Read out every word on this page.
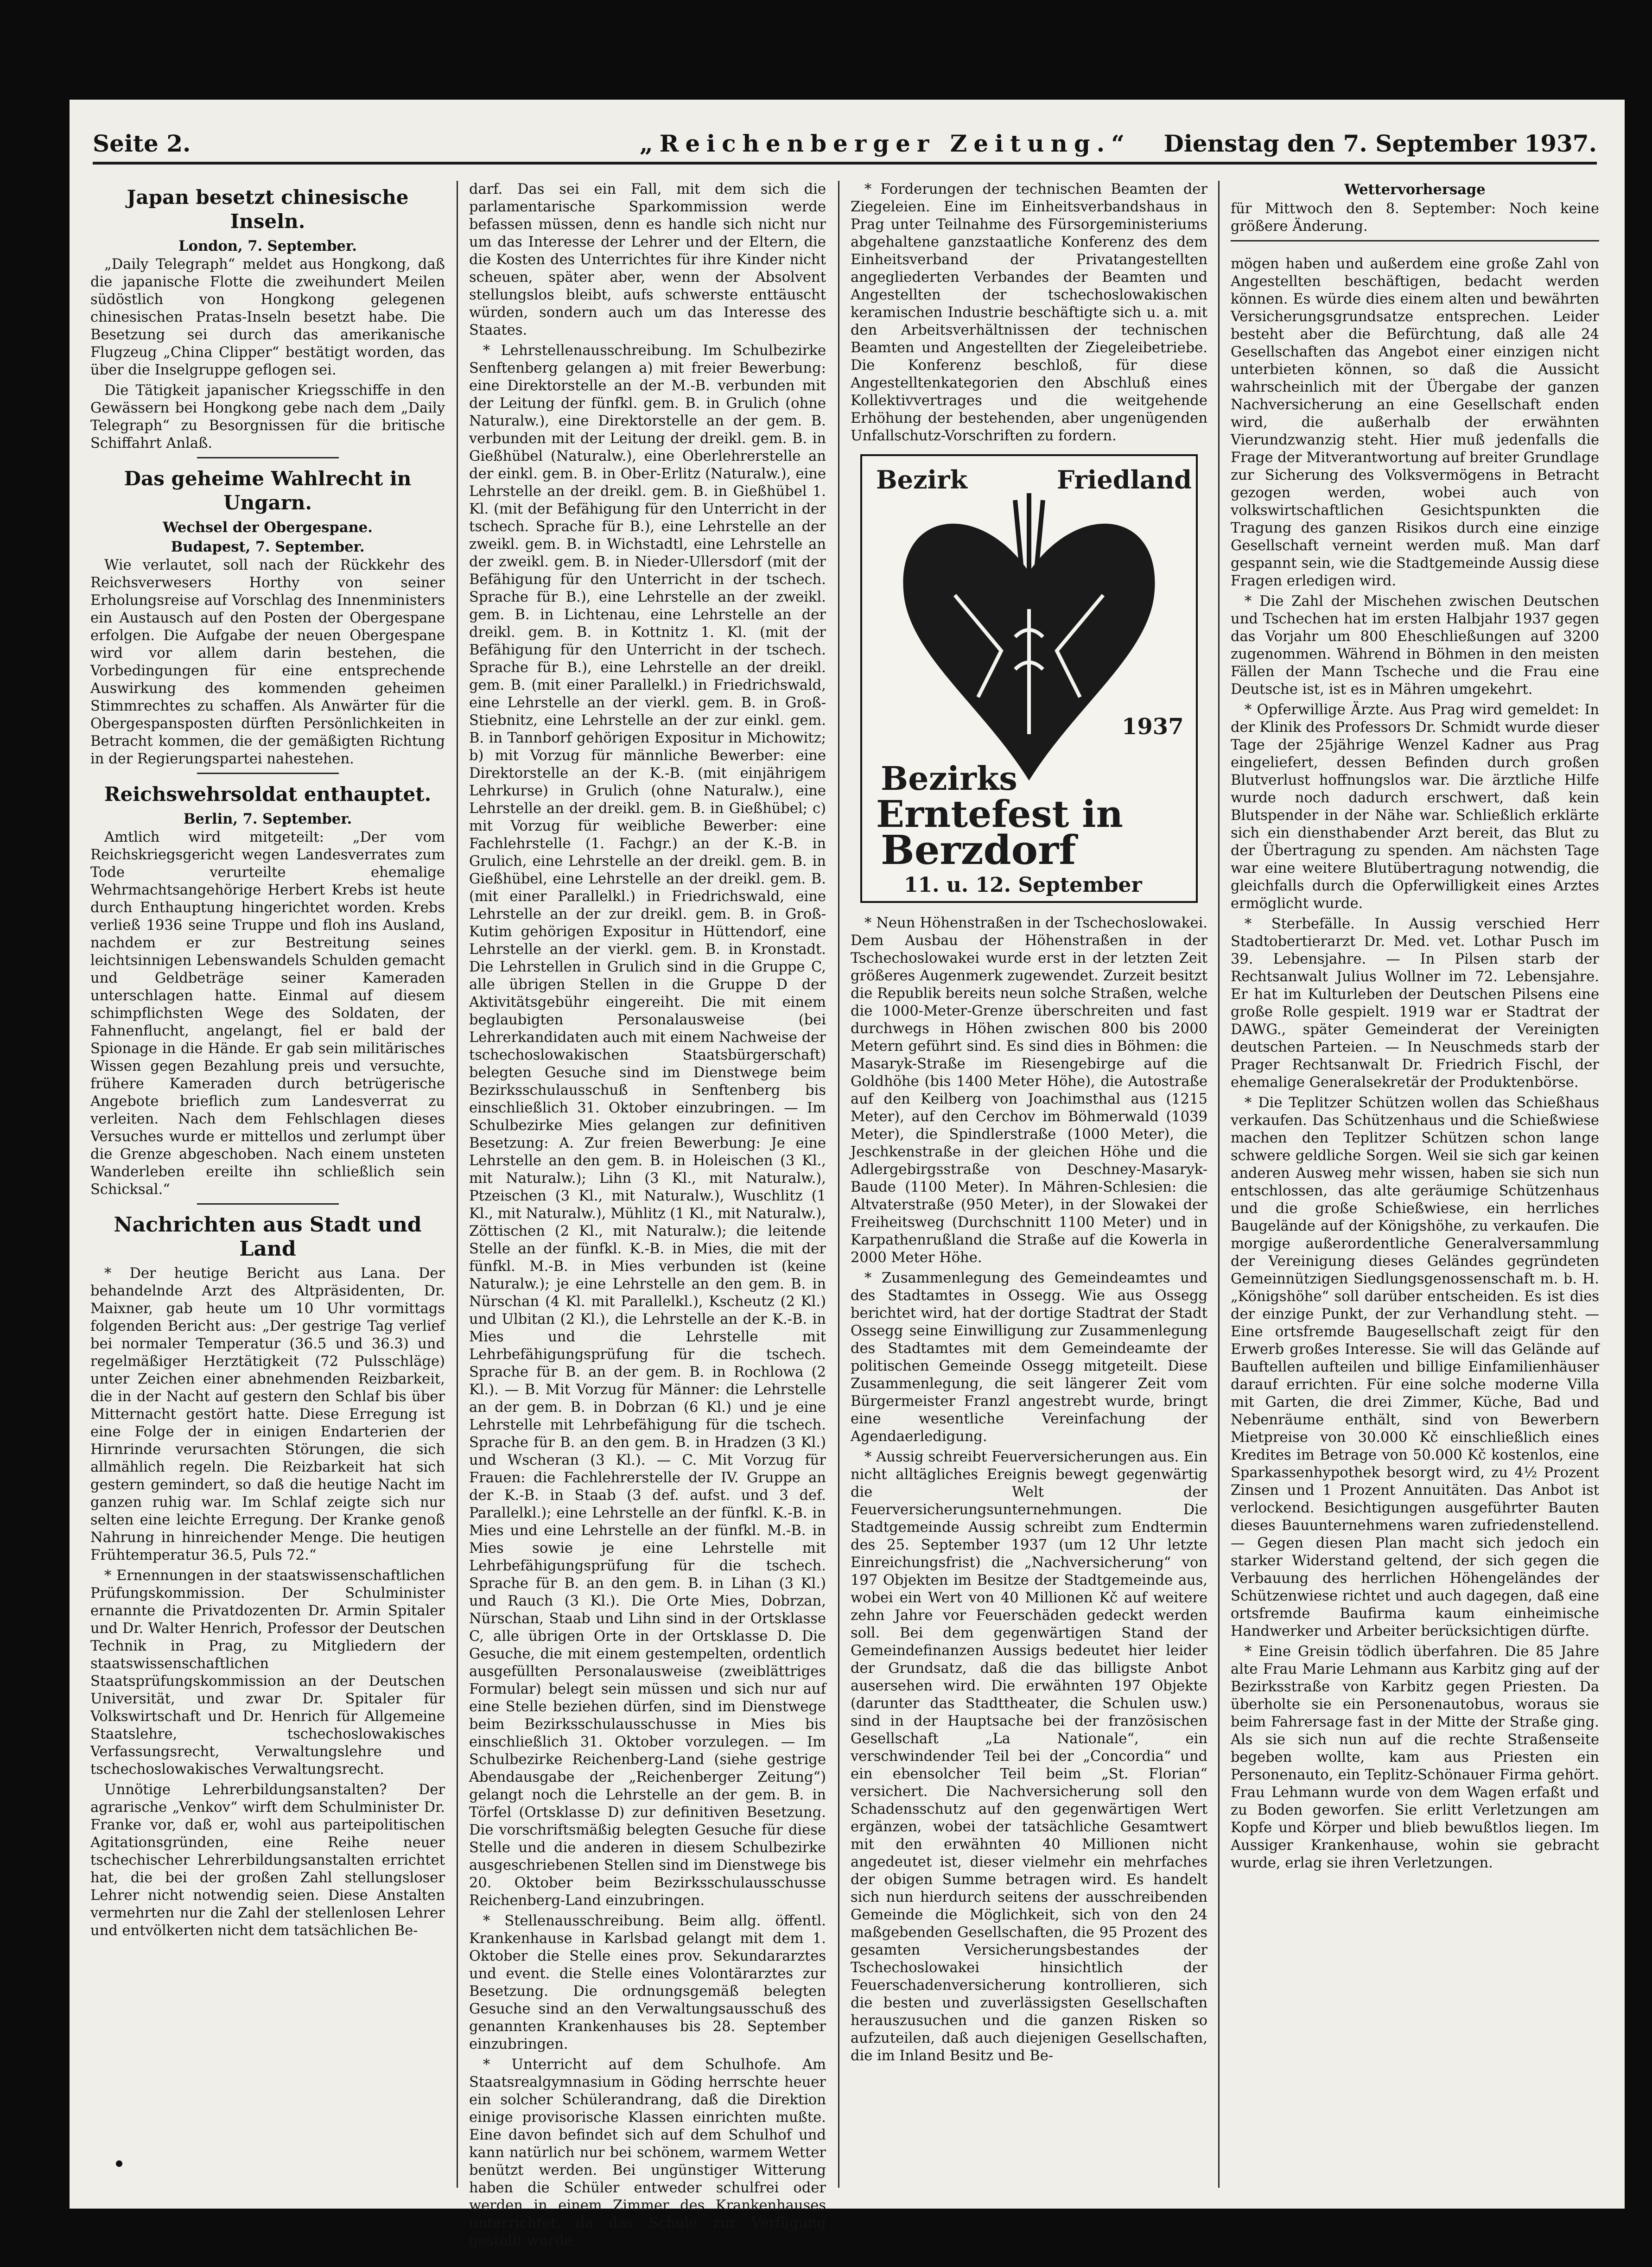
Seite 2.	„Reichenberger Zeitung.“ Dienstag den 7. September 1937.
Japan besetzt chinesische Inseln.
London, 7. September.

„Daily Telegraph“ meldet aus Hongkong, daß die japanische Flotte die zweihundert Meilen südöstlich von Hongkong gelegenen chinesischen Pratas-Inseln besetzt habe. Die Besetzung sei durch das amerikanische Flugzeug „China Clipper“ bestätigt worden, das über die Inselgruppe geflogen sei.

Die Tätigkeit japanischer Kriegsschiffe in den Gewässern bei Hongkong gebe nach dem „Daily Telegraph“ zu Besorgnissen für die britische Schiffahrt Anlaß.

Das geheime Wahlrecht in Ungarn.
Wechsel der Obergespane.
Budapest, 7. September.

Wie verlautet, soll nach der Rückkehr des Reichsverwesers Horthy von seiner Erholungsreise auf Vorschlag des Innenministers ein Austausch auf den Posten der Obergespane erfolgen. Die Aufgabe der neuen Obergespane wird vor allem darin bestehen, die Vorbedingungen für eine entsprechende Auswirkung des kommenden geheimen Stimmrechtes zu schaffen. Als Anwärter für die Obergespansposten dürften Persönlichkeiten in Betracht kommen, die der gemäßigten Richtung in der Regierungspartei nahestehen.

Reichswehrsoldat enthauptet.
Berlin, 7. September.

Amtlich wird mitgeteilt: „Der vom Reichskriegsgericht wegen Landesverrates zum Tode verurteilte ehemalige Wehrmachtsangehörige Herbert Krebs ist heute durch Enthauptung hingerichtet worden. Krebs verließ 1936 seine Truppe und floh ins Ausland, nachdem er zur Bestreitung seines leichtsinnigen Lebenswandels Schulden gemacht und Geldbeträge seiner Kameraden unterschlagen hatte. Einmal auf diesem schimpflichsten Wege des Soldaten, der Fahnenflucht, angelangt, fiel er bald der Spionage in die Hände. Er gab sein militärisches Wissen gegen Bezahlung preis und versuchte, frühere Kameraden durch betrügerische Angebote brieflich zum Landesverrat zu verleiten. Nach dem Fehlschlagen dieses Versuches wurde er mittellos und zerlumpt über die Grenze abgeschoben. Nach einem unsteten Wanderleben ereilte ihn schließlich sein Schicksal.“

Nachrichten aus Stadt und Land

* Der heutige Bericht aus Lana. Der behandelnde Arzt des Altpräsidenten, Dr. Maixner, gab heute um 10 Uhr vormittags folgenden Bericht aus: „Der gestrige Tag verlief bei normaler Temperatur (36.5 und 36.3) und regelmäßiger Herztätigkeit (72 Pulsschläge) unter Zeichen einer abnehmenden Reizbarkeit, die in der Nacht auf gestern den Schlaf bis über Mitternacht gestört hatte. Diese Erregung ist eine Folge der in einigen Endarterien der Hirnrinde verursachten Störungen, die sich allmählich regeln. Die Reizbarkeit hat sich gestern gemindert, so daß die heutige Nacht im ganzen ruhig war. Im Schlaf zeigte sich nur selten eine leichte Erregung. Der Kranke genoß Nahrung in hinreichender Menge. Die heutigen Frühtemperatur 36.5, Puls 72.“

* Ernennungen in der staatswissenschaftlichen Prüfungskommission. Der Schulminister ernannte die Privatdozenten Dr. Armin Spitaler und Dr. Walter Henrich, Professor der Deutschen Technik in Prag, zu Mitgliedern der staatswissenschaftlichen Staatsprüfungskommission an der Deutschen Universität, und zwar Dr. Spitaler für Volkswirtschaft und Dr. Henrich für Allgemeine Staatslehre, tschechoslowakisches Verfassungsrecht, Verwaltungslehre und tschechoslowakisches Verwaltungsrecht.

Unnötige Lehrerbildungsanstalten? Der agrarische „Venkov“ wirft dem Schulminister Dr. Franke vor, daß er, wohl aus parteipolitischen Agitationsgründen, eine Reihe neuer tschechischer Lehrerbildungsanstalten errichtet hat, die bei der großen Zahl stellungsloser Lehrer nicht notwendig seien. Diese Anstalten vermehrten nur die Zahl der stellenlosen Lehrer und entvölkerten nicht dem tatsächlichen Be-

darf. Das sei ein Fall, mit dem sich die parlamentarische Sparkommission werde befassen müssen, denn es handle sich nicht nur um das Interesse der Lehrer und der Eltern, die die Kosten des Unterrichtes für ihre Kinder nicht scheuen, später aber, wenn der Absolvent stellungslos bleibt, aufs schwerste enttäuscht würden, sondern auch um das Interesse des Staates.

* Lehrstellenausschreibung. Im Schulbezirke Senftenberg gelangen a) mit freier Bewerbung: eine Direktorstelle an der M.-B. verbunden mit der Leitung der fünfkl. gem. B. in Grulich (ohne Naturalw.), eine Direktorstelle an der gem. B. verbunden mit der Leitung der dreikl. gem. B. in Gießhübel (Naturalw.), eine Oberlehrerstelle an der einkl. gem. B. in Ober-Erlitz (Naturalw.), eine Lehrstelle an der dreikl. gem. B. in Gießhübel 1. Kl. (mit der Befähigung für den Unterricht in der tschech. Sprache für B.), eine Lehrstelle an der zweikl. gem. B. in Wichstadtl, eine Lehrstelle an der zweikl. gem. B. in Nieder-Ullersdorf (mit der Befähigung für den Unterricht in der tschech. Sprache für B.), eine Lehrstelle an der zweikl. gem. B. in Lichtenau, eine Lehrstelle an der dreikl. gem. B. in Kottnitz 1. Kl. (mit der Befähigung für den Unterricht in der tschech. Sprache für B.), eine Lehrstelle an der dreikl. gem. B. (mit einer Parallelkl.) in Friedrichswald, eine Lehrstelle an der vierkl. gem. B. in Groß-Stiebnitz, eine Lehrstelle an der zur einkl. gem. B. in Tannborf gehörigen Expositur in Michowitz; b) mit Vorzug für männliche Bewerber: eine Direktorstelle an der K.-B. (mit einjährigem Lehrkurse) in Grulich (ohne Naturalw.), eine Lehrstelle an der dreikl. gem. B. in Gießhübel; c) mit Vorzug für weibliche Bewerber: eine Fachlehrstelle (1. Fachgr.) an der K.-B. in Grulich, eine Lehrstelle an der dreikl. gem. B. in Gießhübel, eine Lehrstelle an der dreikl. gem. B. (mit einer Parallelkl.) in Friedrichswald, eine Lehrstelle an der zur dreikl. gem. B. in Groß-Kutim gehörigen Expositur in Hüttendorf, eine Lehrstelle an der vierkl. gem. B. in Kronstadt. Die Lehrstellen in Grulich sind in die Gruppe C, alle übrigen Stellen in die Gruppe D der Aktivitätsgebühr eingereiht. Die mit einem beglaubigten Personalausweise (bei Lehrerkandidaten auch mit einem Nachweise der tschechoslowakischen Staatsbürgerschaft) belegten Gesuche sind im Dienstwege beim Bezirksschulausschuß in Senftenberg bis einschließlich 31. Oktober einzubringen. — Im Schulbezirke Mies gelangen zur definitiven Besetzung: A. Zur freien Bewerbung: Je eine Lehrstelle an den gem. B. in Holeischen (3 Kl., mit Naturalw.); Lihn (3 Kl., mit Naturalw.), Ptzeischen (3 Kl., mit Naturalw.), Wuschlitz (1 Kl., mit Naturalw.), Mühlitz (1 Kl., mit Naturalw.), Zöttischen (2 Kl., mit Naturalw.); die leitende Stelle an der fünfkl. K.-B. in Mies, die mit der fünfkl. M.-B. in Mies verbunden ist (keine Naturalw.); je eine Lehrstelle an den gem. B. in Nürschan (4 Kl. mit Parallelkl.), Kscheutz (2 Kl.) und Ulbitan (2 Kl.), die Lehrstelle an der K.-B. in Mies und die Lehrstelle mit Lehrbefähigungsprüfung für die tschech. Sprache für B. an der gem. B. in Rochlowa (2 Kl.). — B. Mit Vorzug für Männer: die Lehrstelle an der gem. B. in Dobrzan (6 Kl.) und je eine Lehrstelle mit Lehrbefähigung für die tschech. Sprache für B. an den gem. B. in Hradzen (3 Kl.) und Wscheran (3 Kl.). — C. Mit Vorzug für Frauen: die Fachlehrerstelle der IV. Gruppe an der K.-B. in Staab (3 def. aufst. und 3 def. Parallelkl.); eine Lehrstelle an der fünfkl. K.-B. in Mies und eine Lehrstelle an der fünfkl. M.-B. in Mies sowie je eine Lehrstelle mit Lehrbefähigungsprüfung für die tschech. Sprache für B. an den gem. B. in Lihan (3 Kl.) und Rauch (3 Kl.). Die Orte Mies, Dobrzan, Nürschan, Staab und Lihn sind in der Ortsklasse C, alle übrigen Orte in der Ortsklasse D. Die Gesuche, die mit einem gestempelten, ordentlich ausgefüllten Personalausweise (zweiblättriges Formular) belegt sein müssen und sich nur auf eine Stelle beziehen dürfen, sind im Dienstwege beim Bezirksschulausschusse in Mies bis einschließlich 31. Oktober vorzulegen. — Im Schulbezirke Reichenberg-Land (siehe gestrige Abendausgabe der „Reichenberger Zeitung“) gelangt noch die Lehrstelle an der gem. B. in Törfel (Ortsklasse D) zur definitiven Besetzung. Die vorschriftsmäßig belegten Gesuche für diese Stelle und die anderen in diesem Schulbezirke ausgeschriebenen Stellen sind im Dienstwege bis 20. Oktober beim Bezirksschulausschusse Reichenberg-Land einzubringen.

* Stellenausschreibung. Beim allg. öffentl. Krankenhause in Karlsbad gelangt mit dem 1. Oktober die Stelle eines prov. Sekundararztes und event. die Stelle eines Volontärarztes zur Besetzung. Die ordnungsgemäß belegten Gesuche sind an den Verwaltungsausschuß des genannten Krankenhauses bis 28. September einzubringen.

* Unterricht auf dem Schulhofe. Am Staatsrealgymnasium in Göding herrschte heuer ein solcher Schülerandrang, daß die Direktion einige provisorische Klassen einrichten mußte. Eine davon befindet sich auf dem Schulhof und kann natürlich nur bei schönem, warmem Wetter benützt werden. Bei ungünstiger Witterung haben die Schüler entweder schulfrei oder werden in einem Zimmer des Krankenhauses unterrichtet, da das Schule zur Verfügung gestellt wurde.

* Forderungen der technischen Beamten der Ziegeleien. Eine im Einheitsverbandshaus in Prag unter Teilnahme des Fürsorgeministeriums abgehaltene ganzstaatliche Konferenz des dem Einheitsverband der Privatangestellten angegliederten Verbandes der Beamten und Angestellten der tschechoslowakischen keramischen Industrie beschäftigte sich u. a. mit den Arbeitsverhältnissen der technischen Beamten und Angestellten der Ziegeleibetriebe. Die Konferenz beschloß, für diese Angestelltenkategorien den Abschluß eines Kollektivvertrages und die weitgehende Erhöhung der bestehenden, aber ungenügenden Unfallschutz-Vorschriften zu fordern.

Bezirk	Friedland
1937
Bezirks
Erntefest in
Berzdorf
11. u. 12. September

* Neun Höhenstraßen in der Tschechoslowakei. Dem Ausbau der Höhenstraßen in der Tschechoslowakei wurde erst in der letzten Zeit größeres Augenmerk zugewendet. Zurzeit besitzt die Republik bereits neun solche Straßen, welche die 1000-Meter-Grenze überschreiten und fast durchwegs in Höhen zwischen 800 bis 2000 Metern geführt sind. Es sind dies in Böhmen: die Masaryk-Straße im Riesengebirge auf die Goldhöhe (bis 1400 Meter Höhe), die Autostraße auf den Keilberg von Joachimsthal aus (1215 Meter), auf den Cerchov im Böhmerwald (1039 Meter), die Spindlerstraße (1000 Meter), die Jeschkenstraße in der gleichen Höhe und die Adlergebirgsstraße von Deschney-Masaryk-Baude (1100 Meter). In Mähren-Schlesien: die Altvaterstraße (950 Meter), in der Slowakei der Freiheitsweg (Durchschnitt 1100 Meter) und in Karpathenrußland die Straße auf die Kowerla in 2000 Meter Höhe.

* Zusammenlegung des Gemeindeamtes und des Stadtamtes in Ossegg. Wie aus Ossegg berichtet wird, hat der dortige Stadtrat der Stadt Ossegg seine Einwilligung zur Zusammenlegung des Stadtamtes mit dem Gemeindeamte der politischen Gemeinde Ossegg mitgeteilt. Diese Zusammenlegung, die seit längerer Zeit vom Bürgermeister Franzl angestrebt wurde, bringt eine wesentliche Vereinfachung der Agendaerledigung.

* Aussig schreibt Feuerversicherungen aus. Ein nicht alltägliches Ereignis bewegt gegenwärtig die Welt der Feuerversicherungsunternehmungen. Die Stadtgemeinde Aussig schreibt zum Endtermin des 25. September 1937 (um 12 Uhr letzte Einreichungsfrist) die „Nachversicherung“ von 197 Objekten im Besitze der Stadtgemeinde aus, wobei ein Wert von 40 Millionen Kč auf weitere zehn Jahre vor Feuerschäden gedeckt werden soll. Bei dem gegenwärtigen Stand der Gemeindefinanzen Aussigs bedeutet hier leider der Grundsatz, daß die das billigste Anbot ausersehen wird. Die erwähnten 197 Objekte (darunter das Stadttheater, die Schulen usw.) sind in der Hauptsache bei der französischen Gesellschaft „La Nationale“, ein verschwindender Teil bei der „Concordia“ und ein ebensolcher Teil beim „St. Florian“ versichert. Die Nachversicherung soll den Schadensschutz auf den gegenwärtigen Wert ergänzen, wobei der tatsächliche Gesamtwert mit den erwähnten 40 Millionen nicht angedeutet ist, dieser vielmehr ein mehrfaches der obigen Summe betragen wird. Es handelt sich nun hierdurch seitens der ausschreibenden Gemeinde die Möglichkeit, sich von den 24 maßgebenden Gesellschaften, die 95 Prozent des gesamten Versicherungsbestandes der Tschechoslowakei hinsichtlich der Feuerschadenversicherung kontrollieren, sich die besten und zuverlässigsten Gesellschaften herauszusuchen und die ganzen Risken so aufzuteilen, daß auch diejenigen Gesellschaften, die im Inland Besitz und Be-

Wettervorhersage
für Mittwoch den 8. September: Noch keine größere Änderung.

mögen haben und außerdem eine große Zahl von Angestellten beschäftigen, bedacht werden können. Es würde dies einem alten und bewährten Versicherungsgrundsatze entsprechen. Leider besteht aber die Befürchtung, daß alle 24 Gesellschaften das Angebot einer einzigen nicht unterbieten können, so daß die Aussicht wahrscheinlich mit der Übergabe der ganzen Nachversicherung an eine Gesellschaft enden wird, die außerhalb der erwähnten Vierundzwanzig steht. Hier muß jedenfalls die Frage der Mitverantwortung auf breiter Grundlage zur Sicherung des Volksvermögens in Betracht gezogen werden, wobei auch von volkswirtschaftlichen Gesichtspunkten die Tragung des ganzen Risikos durch eine einzige Gesellschaft verneint werden muß. Man darf gespannt sein, wie die Stadtgemeinde Aussig diese Fragen erledigen wird.

* Die Zahl der Mischehen zwischen Deutschen und Tschechen hat im ersten Halbjahr 1937 gegen das Vorjahr um 800 Eheschließungen auf 3200 zugenommen. Während in Böhmen in den meisten Fällen der Mann Tscheche und die Frau eine Deutsche ist, ist es in Mähren umgekehrt.

* Opferwillige Ärzte. Aus Prag wird gemeldet: In der Klinik des Professors Dr. Schmidt wurde dieser Tage der 25jährige Wenzel Kadner aus Prag eingeliefert, dessen Befinden durch großen Blutverlust hoffnungslos war. Die ärztliche Hilfe wurde noch dadurch erschwert, daß kein Blutspender in der Nähe war. Schließlich erklärte sich ein diensthabender Arzt bereit, das Blut zu der Übertragung zu spenden. Am nächsten Tage war eine weitere Blutübertragung notwendig, die gleichfalls durch die Opferwilligkeit eines Arztes ermöglicht wurde.

* Sterbefälle. In Aussig verschied Herr Stadtobertierarzt Dr. Med. vet. Lothar Pusch im 39. Lebensjahre. — In Pilsen starb der Rechtsanwalt Julius Wollner im 72. Lebensjahre. Er hat im Kulturleben der Deutschen Pilsens eine große Rolle gespielt. 1919 war er Stadtrat der DAWG., später Gemeinderat der Vereinigten deutschen Parteien. — In Neuschmeds starb der Prager Rechtsanwalt Dr. Friedrich Fischl, der ehemalige Generalsekretär der Produktenbörse.

* Die Teplitzer Schützen wollen das Schießhaus verkaufen. Das Schützenhaus und die Schießwiese machen den Teplitzer Schützen schon lange schwere geldliche Sorgen. Weil sie sich gar keinen anderen Ausweg mehr wissen, haben sie sich nun entschlossen, das alte geräumige Schützenhaus und die große Schießwiese, ein herrliches Baugelände auf der Königshöhe, zu verkaufen. Die morgige außerordentliche Generalversammlung der Vereinigung dieses Geländes gegründeten Gemeinnützigen Siedlungsgenossenschaft m. b. H. „Königshöhe“ soll darüber entscheiden. Es ist dies der einzige Punkt, der zur Verhandlung steht. — Eine ortsfremde Baugesellschaft zeigt für den Erwerb großes Interesse. Sie will das Gelände auf Bauftellen aufteilen und billige Einfamilienhäuser darauf errichten. Für eine solche moderne Villa mit Garten, die drei Zimmer, Küche, Bad und Nebenräume enthält, sind von Bewerbern Mietpreise von 30.000 Kč einschließlich eines Kredites im Betrage von 50.000 Kč kostenlos, eine Sparkassenhypothek besorgt wird, zu 4½ Prozent Zinsen und 1 Prozent Annuitäten. Das Anbot ist verlockend. Besichtigungen ausgeführter Bauten dieses Bauunternehmens waren zufriedenstellend. — Gegen diesen Plan macht sich jedoch ein starker Widerstand geltend, der sich gegen die Verbauung des herrlichen Höhengeländes der Schützenwiese richtet und auch dagegen, daß eine ortsfremde Baufirma kaum einheimische Handwerker und Arbeiter berücksichtigen dürfte.

* Eine Greisin tödlich überfahren. Die 85 Jahre alte Frau Marie Lehmann aus Karbitz ging auf der Bezirksstraße von Karbitz gegen Priesten. Da überholte sie ein Personenautobus, woraus sie beim Fahrersage fast in der Mitte der Straße ging. Als sie sich nun auf die rechte Straßenseite begeben wollte, kam aus Priesten ein Personenauto, ein Teplitz-Schönauer Firma gehört. Frau Lehmann wurde von dem Wagen erfaßt und zu Boden geworfen. Sie erlitt Verletzungen am Kopfe und Körper und blieb bewußtlos liegen. Im Aussiger Krankenhause, wohin sie gebracht wurde, erlag sie ihren Verletzungen.
